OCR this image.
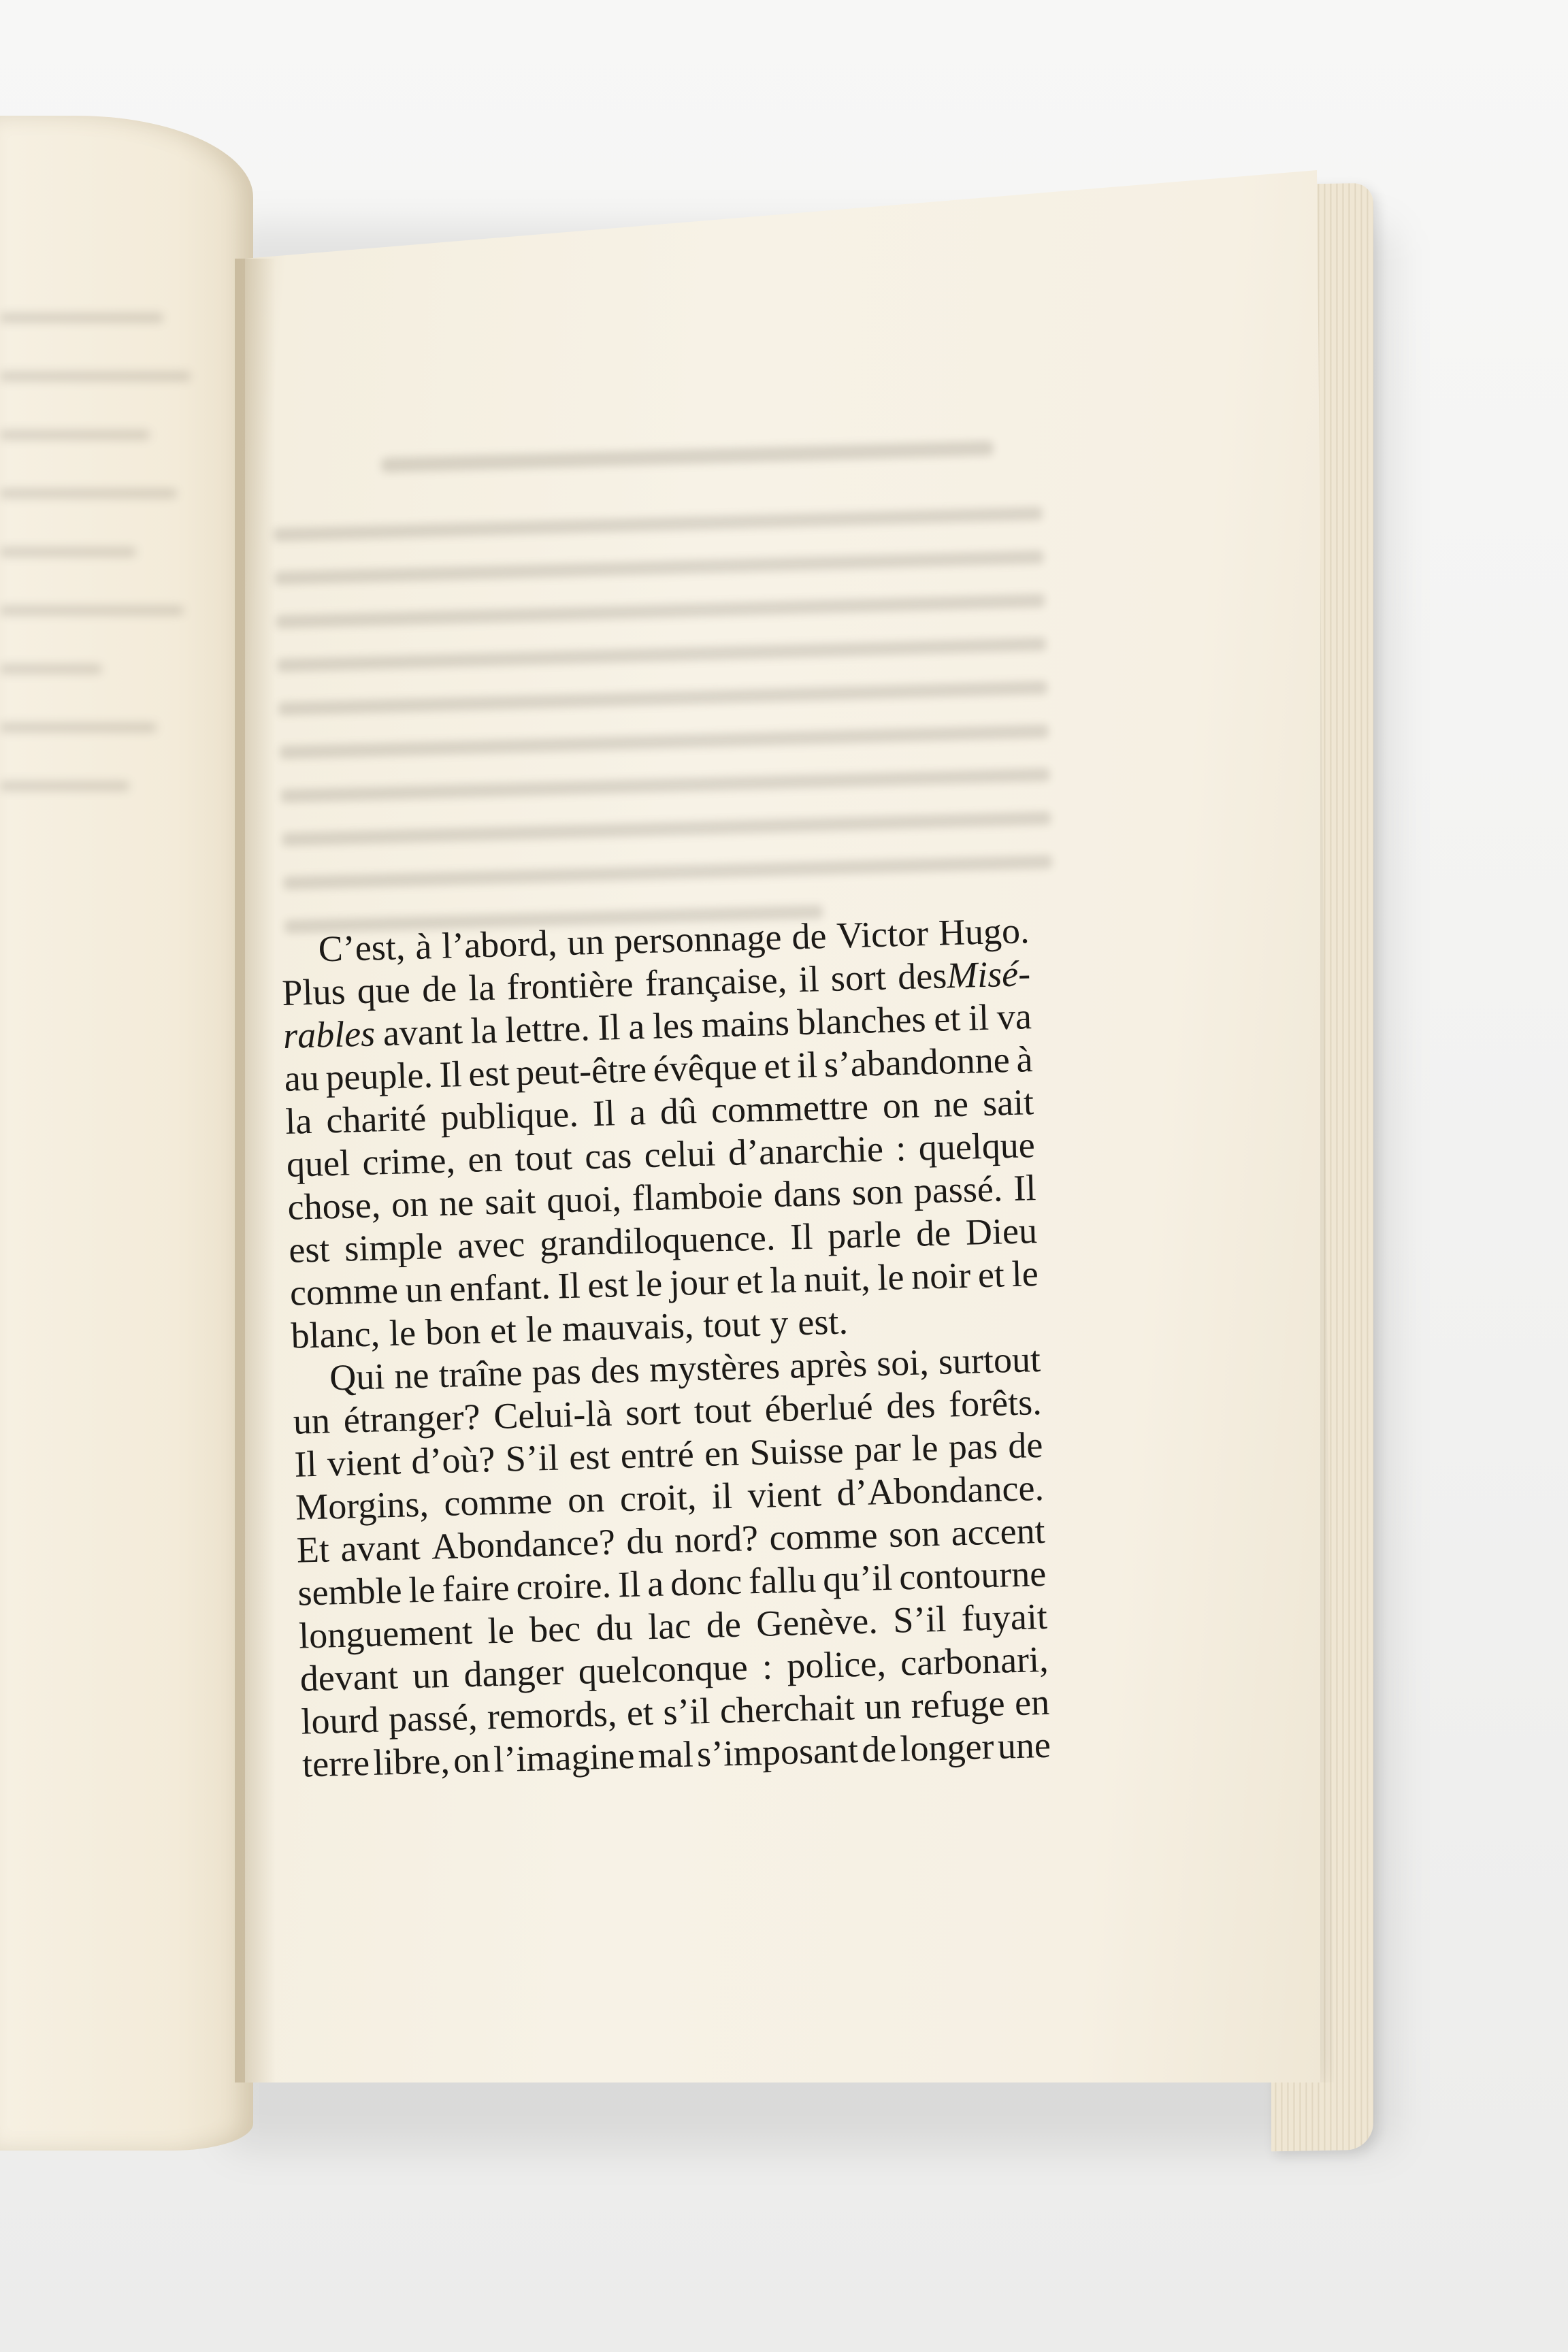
C’est, à l’abord, un personnage de Victor Hugo.
Plus que de la frontière française, il sort desMisé-
rables avant la lettre. Il a les mains blanches et il va
au peuple. Il est peut-être évêque et il s’abandonne à
la charité publique. Il a dû commettre on ne sait
quel crime, en tout cas celui d’anarchie : quelque
chose, on ne sait quoi, flamboie dans son passé. Il
est simple avec grandiloquence. Il parle de Dieu
comme un enfant. Il est le jour et la nuit, le noir et le
blanc, le bon et le mauvais, tout y est.
Qui ne traîne pas des mystères après soi, surtout
un étranger? Celui-là sort tout éberlué des forêts.
Il vient d’où? S’il est entré en Suisse par le pas de
Morgins, comme on croit, il vient d’Abondance.
Et avant Abondance? du nord? comme son accent
semble le faire croire. Il a donc fallu qu’il contourne
longuement le bec du lac de Genève. S’il fuyait
devant un danger quelconque : police, carbonari,
lourd passé, remords, et s’il cherchait un refuge en
terre libre, on l’imagine mal s’imposant de longer une
